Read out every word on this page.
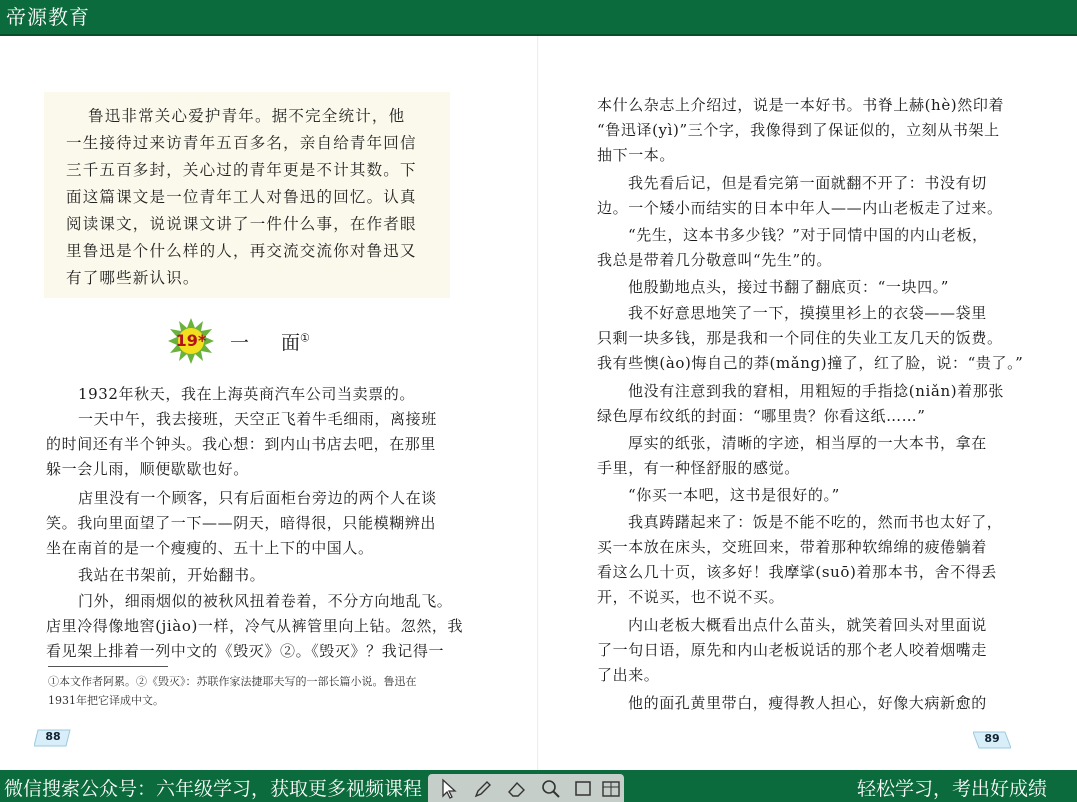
帝源教育
鲁迅非常关心爱护青年。据不完全统计，他
一生接待过来访青年五百多名，亲自给青年回信
三千五百多封，关心过的青年更是不计其数。下
面这篇课文是一位青年工人对鲁迅的回忆。认真
阅读课文，说说课文讲了一件什么事，在作者眼
里鲁迅是个什么样的人，再交流交流你对鲁迅又
有了哪些新认识。
19*	一 面①
1932年秋天，我在上海英商汽车公司当卖票的。
一天中午，我去接班，天空正飞着牛毛细雨，离接班
的时间还有半个钟头。我心想：到内山书店去吧，在那里
躲一会儿雨，顺便歇歇也好。
店里没有一个顾客，只有后面柜台旁边的两个人在谈
笑。我向里面望了一下——阴天，暗得很，只能模糊辨出
坐在南首的是一个瘦瘦的、五十上下的中国人。
我站在书架前，开始翻书。
门外，细雨烟似的被秋风扭着卷着，不分方向地乱飞。
店里冷得像地窖(jiào)一样，冷气从裤管里向上钻。忽然，我
看见架上排着一列中文的《毁灭》②。《毁灭》？我记得一
①本文作者阿累。②《毁灭》：苏联作家法捷耶夫写的一部长篇小说。鲁迅在
1931年把它译成中文。
88
本什么杂志上介绍过，说是一本好书。书脊上赫(hè)然印着
“鲁迅译(yì)”三个字，我像得到了保证似的，立刻从书架上
抽下一本。
我先看后记，但是看完第一面就翻不开了：书没有切
边。一个矮小而结实的日本中年人——内山老板走了过来。
“先生，这本书多少钱？”对于同情中国的内山老板，
我总是带着几分敬意叫“先生”的。
他殷勤地点头，接过书翻了翻底页：“一块四。”
我不好意思地笑了一下，摸摸里衫上的衣袋——袋里
只剩一块多钱，那是我和一个同住的失业工友几天的饭费。
我有些懊(ào)悔自己的莽(mǎng)撞了，红了脸，说：“贵了。”
他没有注意到我的窘相，用粗短的手指捻(niǎn)着那张
绿色厚布纹纸的封面：“哪里贵？你看这纸……”
厚实的纸张，清晰的字迹，相当厚的一大本书，拿在
手里，有一种怪舒服的感觉。
“你买一本吧，这书是很好的。”
我真踌躇起来了：饭是不能不吃的，然而书也太好了，
买一本放在床头，交班回来，带着那种软绵绵的疲倦躺着
看这么几十页，该多好！我摩挲(suō)着那本书，舍不得丢
开，不说买，也不说不买。
内山老板大概看出点什么苗头，就笑着回头对里面说
了一句日语，原先和内山老板说话的那个老人咬着烟嘴走
了出来。
他的面孔黄里带白，瘦得教人担心，好像大病新愈的
89
微信搜索公众号：六年级学习，获取更多视频课程	轻松学习，考出好成绩
